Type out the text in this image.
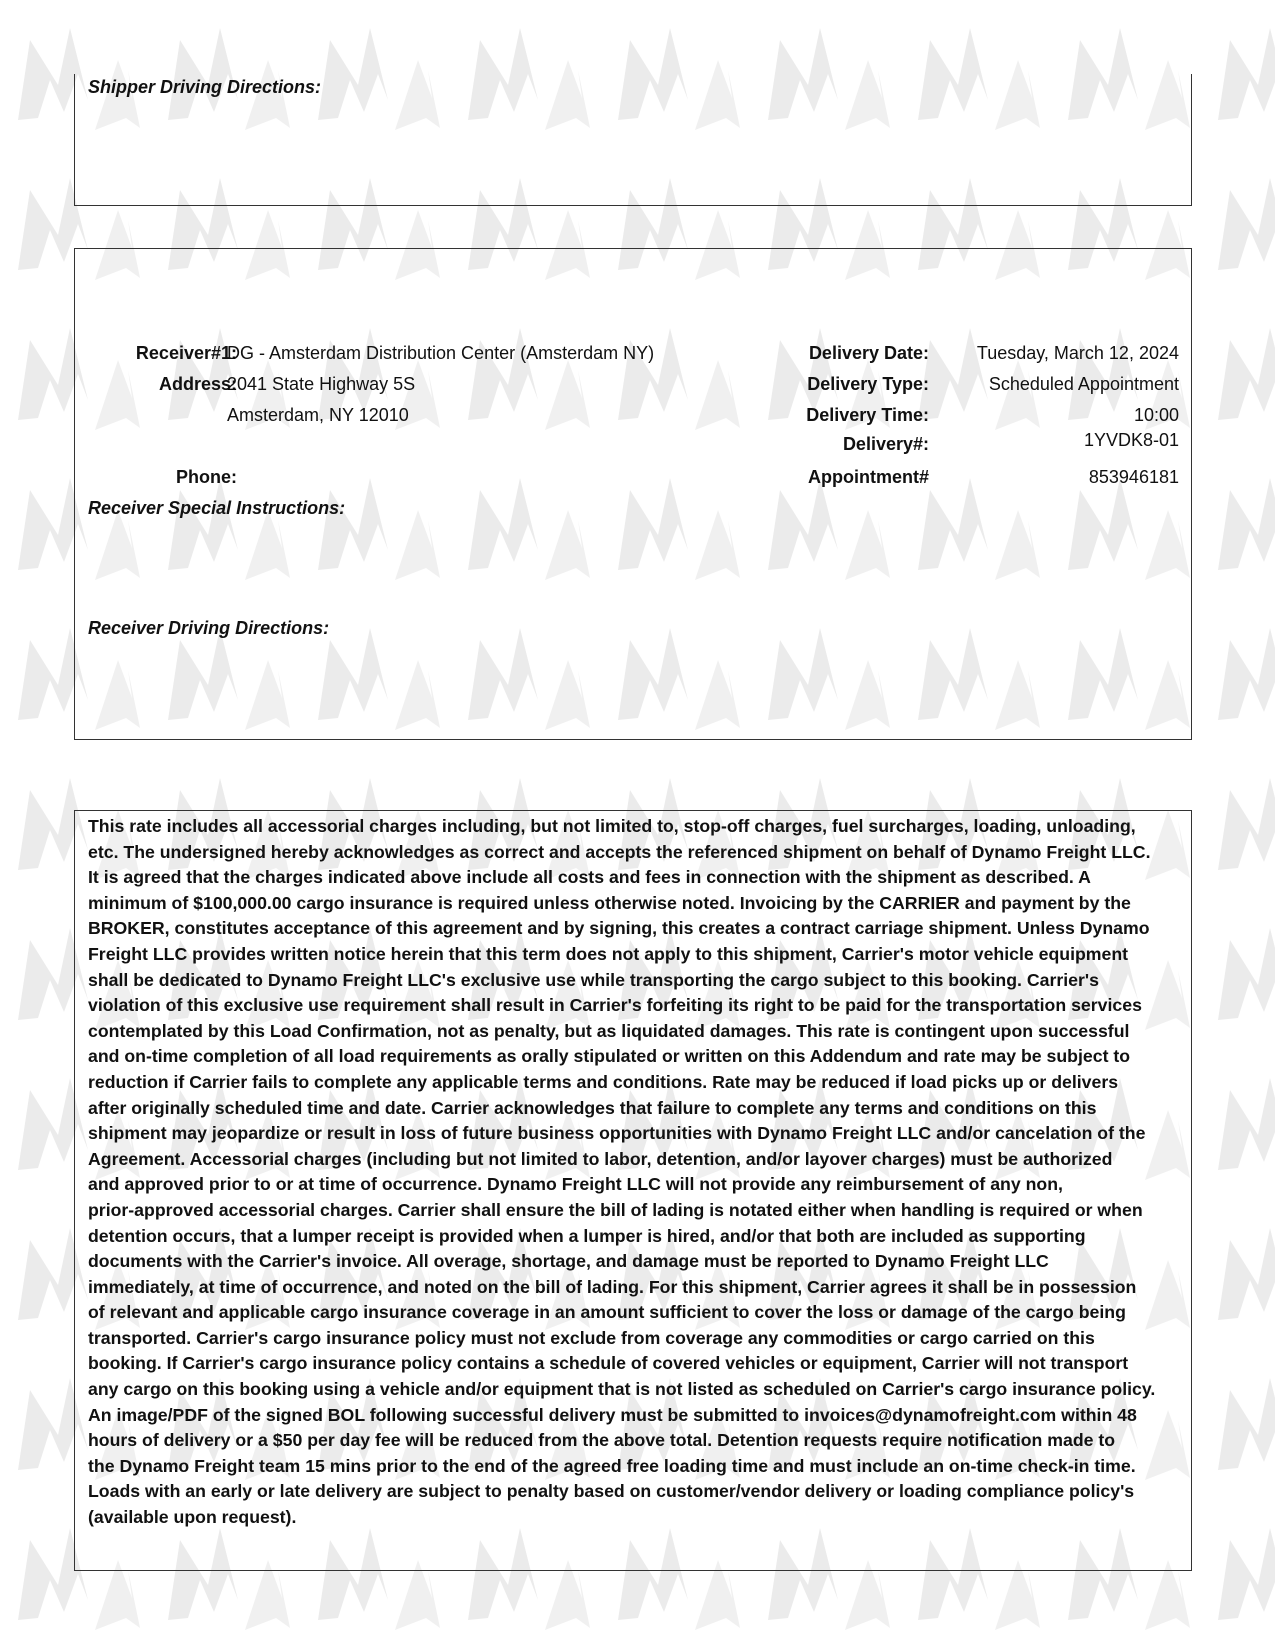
Shipper Driving Directions:
Receiver#1:
DG - Amsterdam Distribution Center (Amsterdam NY)
Address:
2041 State Highway 5S
Amsterdam, NY 12010
Phone:
Delivery Date:	Tuesday, March 12, 2024
Delivery Type:	Scheduled Appointment
Delivery Time:	10:00
Delivery#:	1YVDK8-01
Appointment#	853946181
Receiver Special Instructions:
Receiver Driving Directions:
This rate includes all accessorial charges including, but not limited to, stop-off charges, fuel surcharges, loading, unloading,
etc. The undersigned hereby acknowledges as correct and accepts the referenced shipment on behalf of Dynamo Freight LLC.
It is agreed that the charges indicated above include all costs and fees in connection with the shipment as described. A
minimum of $100,000.00 cargo insurance is required unless otherwise noted. Invoicing by the CARRIER and payment by the
BROKER, constitutes acceptance of this agreement and by signing, this creates a contract carriage shipment. Unless Dynamo
Freight LLC provides written notice herein that this term does not apply to this shipment, Carrier's motor vehicle equipment
shall be dedicated to Dynamo Freight LLC's exclusive use while transporting the cargo subject to this booking. Carrier's
violation of this exclusive use requirement shall result in Carrier's forfeiting its right to be paid for the transportation services
contemplated by this Load Confirmation, not as penalty, but as liquidated damages. This rate is contingent upon successful
and on-time completion of all load requirements as orally stipulated or written on this Addendum and rate may be subject to
reduction if Carrier fails to complete any applicable terms and conditions. Rate may be reduced if load picks up or delivers
after originally scheduled time and date. Carrier acknowledges that failure to complete any terms and conditions on this
shipment may jeopardize or result in loss of future business opportunities with Dynamo Freight LLC and/or cancelation of the
Agreement. Accessorial charges (including but not limited to labor, detention, and/or layover charges) must be authorized
and approved prior to or at time of occurrence. Dynamo Freight LLC will not provide any reimbursement of any non,
prior-approved accessorial charges. Carrier shall ensure the bill of lading is notated either when handling is required or when
detention occurs, that a lumper receipt is provided when a lumper is hired, and/or that both are included as supporting
documents with the Carrier's invoice. All overage, shortage, and damage must be reported to Dynamo Freight LLC
immediately, at time of occurrence, and noted on the bill of lading. For this shipment, Carrier agrees it shall be in possession
of relevant and applicable cargo insurance coverage in an amount sufficient to cover the loss or damage of the cargo being
transported. Carrier's cargo insurance policy must not exclude from coverage any commodities or cargo carried on this
booking. If Carrier's cargo insurance policy contains a schedule of covered vehicles or equipment, Carrier will not transport
any cargo on this booking using a vehicle and/or equipment that is not listed as scheduled on Carrier's cargo insurance policy.
An image/PDF of the signed BOL following successful delivery must be submitted to invoices@dynamofreight.com within 48
hours of delivery or a $50 per day fee will be reduced from the above total. Detention requests require notification made to
the Dynamo Freight team 15 mins prior to the end of the agreed free loading time and must include an on-time check-in time.
Loads with an early or late delivery are subject to penalty based on customer/vendor delivery or loading compliance policy's
(available upon request).
